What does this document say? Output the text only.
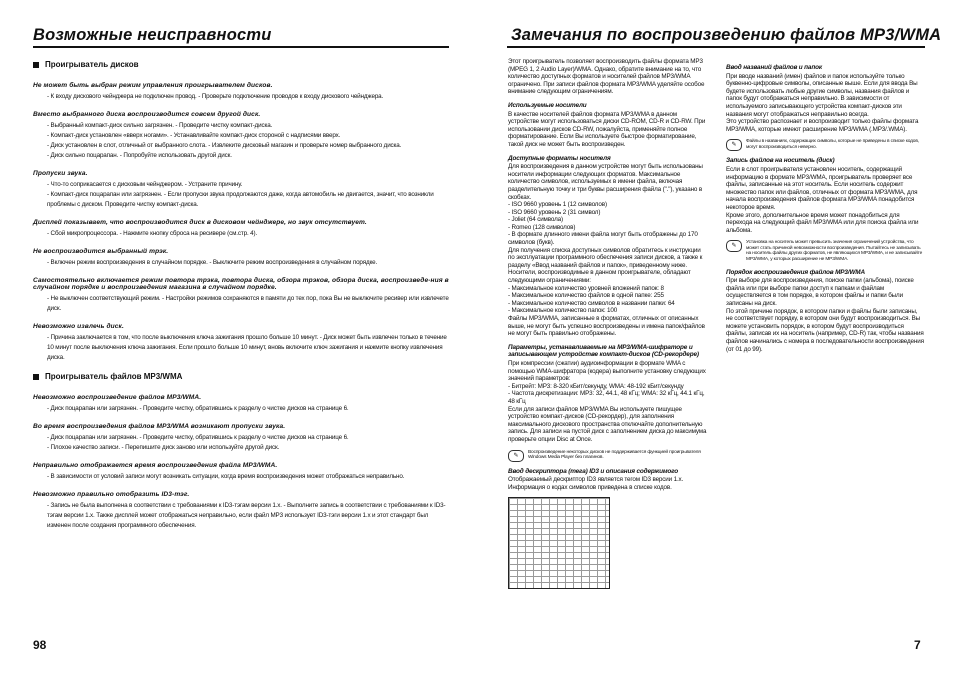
Возможные неисправности
Проигрыватель дисков
Не может быть выбран режим управления проигрывателем дисков.
- К входу дискового чейнджера не подключен провод. - Проверьте подключение проводов к входу дискового чейнджера.
Вместо выбранного диска воспроизводится совсем другой диск.
- Выбранный компакт-диск сильно загрязнен. - Проведите чистку компакт-диска.
- Компакт-диск установлен «вверх ногами». - Устанавливайте компакт-диск стороной с надписями вверх.
- Диск установлен в слот, отличный от выбранного слота. - Извлеките дисковый магазин и проверьте номер выбранного диска.
- Диск сильно поцарапан. - Попробуйте использовать другой диск.
Пропуски звука.
- Что-то соприкасается с дисковым чейнджером. - Устраните причину.
- Компакт-диск поцарапан или загрязнен. - Если пропуски звука продолжаются даже, когда автомобиль не двигается, значит, что возникли проблемы с диском. Проведите чистку компакт-диска.
Дисплей показывает, что воспроизводится диск в дисковом чейнджере, но звук отсутствует.
- Сбой микропроцессора. - Нажмите кнопку сброса на ресивере (см.стр. 4).
Не воспроизводится выбранный трэк.
- Включен режим воспроизведения в случайном порядке. - Выключите режим воспроизведения в случайном порядке.
Самостоятельно включается режим повтора трэка, повтора диска, обзора трэков, обзора диска, воспроизведе-ния в случайном порядке и воспроизведения магазина в случайном порядке.
- Не выключен соответствующий режим. - Настройки режимов сохраняются в памяти до тех пор, пока Вы не выключите ресивер или извлечете диск.
Невозможно извлечь диск.
- Причина заключается в том, что после выключения ключа зажигания прошло больше 10 минут. - Диск может быть извлечен только в течение 10 минут после выключения ключа зажигания. Если прошло больше 10 минут, вновь включите ключ зажигания и нажмите кнопку извлечения диска.
Проигрыватель файлов MP3/WMA
Невозможно воспроизведение файлов MP3/WMA.
- Диск поцарапан или загрязнен. - Проведите чистку, обратившись к разделу о чистке дисков на странице 6.
Во время воспроизведения файлов MP3/WMA возникают пропуски звука.
- Диск поцарапан или загрязнен. - Проведите чистку, обратившись к разделу о чистке дисков на странице 6.
- Плохое качество записи. - Перепишите диск заново или используйте другой диск.
Неправильно отображается время воспроизведения файла MP3/WMA.
- В зависимости от условий записи могут возникать ситуации, когда время воспроизведения может отображаться неправильно.
Невозможно правильно отобразить ID3-тэг.
- Запись не была выполнена в соответствии с требованиями к ID3-тэгам версии 1.х. - Выполните запись в соответствии с требованиями к ID3-тэгам версии 1.х. Также дисплей может отображаться неправильно, если файл MP3 использует ID3-тэги версии 1.х и этот стандарт был изменен после создания программного обеспечения.
98
Замечания по воспроизведению файлов MP3/WMA
Этот проигрыватель позволяет воспроизводить файлы формата MP3 (MPEG 1, 2 Audio Layer)/WMA. Однако, обратите внимание на то, что количество доступных форматов и носителей файлов MP3/WMA ограничено. При записи файлов формата MP3/WMA уделяйте особое внимание следующим ограничениям.
Используемые носители
В качестве носителей файлов формата MP3/WMA в данном устройстве могут использоваться диски CD-ROM, CD-R и CD-RW. При использовании дисков CD-RW, пожалуйста, применяйте полное форматирование. Если Вы используете быстрое форматирование, такой диск не может быть воспроизведен.
Доступные форматы носителя
Для воспроизведения в данном устройстве могут быть использованы носители информации следующих форматов. Максимальное количество символов, используемых в имени файла, включая разделительную точку и три буквы расширения файла ("."), указано в скобках.
- ISO 9660 уровень 1 (12 символов)
- ISO 9660 уровень 2 (31 символ)
- Joliet (64 символа)
- Romeo (128 символов)
- В формате длинного имени файла могут быть отображены до 170 символов (букв).
Для получения списка доступных символов обратитесь к инструкции по эксплуатации программного обеспечения записи дисков, а также к разделу «Ввод названий файлов и папок», приведенному ниже. Носители, воспроизводимые в данном проигрывателе, обладают следующими ограничениями:
- Максимальное количество уровней вложений папок: 8
- Максимальное количество файлов в одной папке: 255
- Максимальное количество символов в названии папки: 64
- Максимальное количество папок: 100
Файлы MP3/WMA, записанные в форматах, отличных от описанных выше, не могут быть успешно воспроизведены и имена папок/файлов не могут быть правильно отображены.
Параметры, устанавливаемые на MP3/WMA-шифраторе и записывающем устройстве компакт-дисков (CD-рекордере)
При компрессии (сжатии) аудиоинформации в формате WMA с помощью WMA-шифратора (кодера) выполните установку следующих значений параметров:
- Битрейт: MP3: 8-320 кБит/секунду, WMA: 48-192 кБит/секунду
- Частота дискретизации: MP3: 32, 44.1, 48 кГц; WMA: 32 кГц, 44.1 кГц, 48 кГц
Если для записи файлов MP3/WMA Вы используете пишущее устройство компакт-дисков (CD-рекордер), для заполнения максимального дискового пространства отключайте дополнительную запись. Для записи на пустой диск с заполнением диска до максимума проверьте опции Disc at Once.
✎
Воспроизведение некоторых дисков не поддерживается функцией проигрывателя Windows Media Player без плагинов.
Ввод дескриптора (тега) ID3 и описания содержимого
Отображаемый дескриптор ID3 является тегом ID3 версии 1.х. Информация о кодах символов приведена в списке кодов.
Ввод названий файлов и папок
При вводе названий (имен) файлов и папок используйте только буквенно-цифровые символы, описанные выше. Если для ввода Вы будете использовать любые другие символы, названия файлов и папок будут отображаться неправильно. В зависимости от используемого записывающего устройства компакт-дисков эти названия могут отображаться неправильно всегда.
Это устройство распознает и воспроизводит только файлы формата MP3/WMA, которые имеют расширение MP3/WMA (.MP3/.WMA).
✎
Файлы в названиях, содержащих символы, которые не приведены в списке кодов, могут воспроизводиться неверно.
Запись файлов на носитель (диск)
Если в слот проигрывателя установлен носитель, содержащий информацию в формате MP3/WMA, проигрыватель проверяет все файлы, записанные на этот носитель. Если носитель содержит множество папок или файлов, отличных от формата MP3/WMA, для начала воспроизведения файлов формата MP3/WMA понадобится некоторое время.
Кроме этого, дополнительное время может понадобиться для перехода на следующий файл MP3/WMA или для поиска файла или альбома.
✎
Установка на носитель может превысить значения ограничений устройства, что может стать причиной невозможности воспроизведения. Пытайтесь не записывать на носитель файлы других форматов, не являющихся MP3/WMA, и не записывайте MP3/WMA, у которых расширение не MP3/WMA.
Порядок воспроизведения файлов MP3/WMA
При выборе для воспроизведения, поиске папки (альбома), поиске файла или при выборе папки доступ к папкам и файлам осуществляется в том порядке, в котором файлы и папки были записаны на диск.
По этой причине порядок, в котором папки и файлы были записаны, не соответствует порядку, в котором они будут воспроизводиться. Вы можете установить порядок, в котором будут воспроизводиться файлы, записав их на носитель (например, CD-R) так, чтобы названия файлов начинались с номера в последовательности воспроизведения (от 01 до 99).
7
